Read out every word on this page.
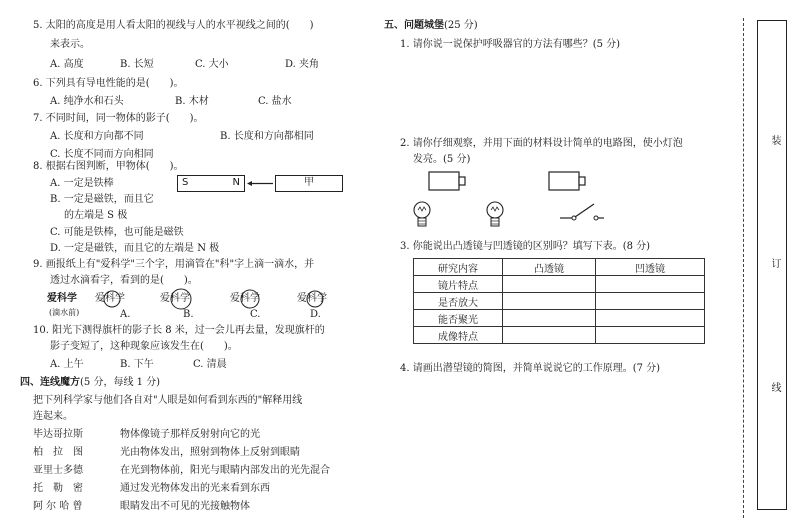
5. 太阳的高度是用人看太阳的视线与人的水平视线之间的(　　)
来表示。
A. 高度	B. 长短	C. 大小	D. 夹角
6. 下列具有导电性能的是(　　)。
A. 纯净水和石头	B. 木材	C. 盐水
7. 不同时间，同一物体的影子(　　)。
A. 长度和方向都不同	B. 长度和方向都相同
C. 长度不同而方向相同
8. 根据右图判断，甲物体(　　)。
A. 一定是铁棒
B. 一定是磁铁，而且它
的左端是 S 极
C. 可能是铁棒，也可能是磁铁
D. 一定是磁铁，而且它的左端是 N 极
S	N	甲
9. 画报纸上有"爱科学"三个字，用滴管在"科"字上滴一滴水，并
透过水滴看字，看到的是(　　)。
爱科学
(滴水前)
爱科学	爱科学	爱科学	爱科学
A.	B.	C.	D.
10. 阳光下测得旗杆的影子长 8 米，过一会儿再去量，发现旗杆的
影子变短了，这种现象应该发生在(　　)。
A. 上午	B. 下午	C. 清晨
四、连线魔方(5 分，每线 1 分)
把下列科学家与他们各自对"人眼是如何看到东西的"解释用线
连起来。
毕达哥拉斯	物体像镜子那样反射射向它的光
柏　拉　图	光由物体发出，照射到物体上反射到眼睛
亚里士多德	在光到物体前，阳光与眼睛内部发出的光先混合
托　勒　密	通过发光物体发出的光来看到东西
阿 尔 哈 曾	眼睛发出不可见的光接触物体
五、问题城堡(25 分)
1. 请你说一说保护呼吸器官的方法有哪些？(5 分)
2. 请你仔细观察，并用下面的材料设计简单的电路图，使小灯泡
发亮。(5 分)
3. 你能说出凸透镜与凹透镜的区别吗？填写下表。(8 分)
研究内容	凸透镜	凹透镜
镜片特点		
是否放大		
能否聚光		
成像特点		
4. 请画出潜望镜的简图，并简单说说它的工作原理。(7 分)
装
订
线
